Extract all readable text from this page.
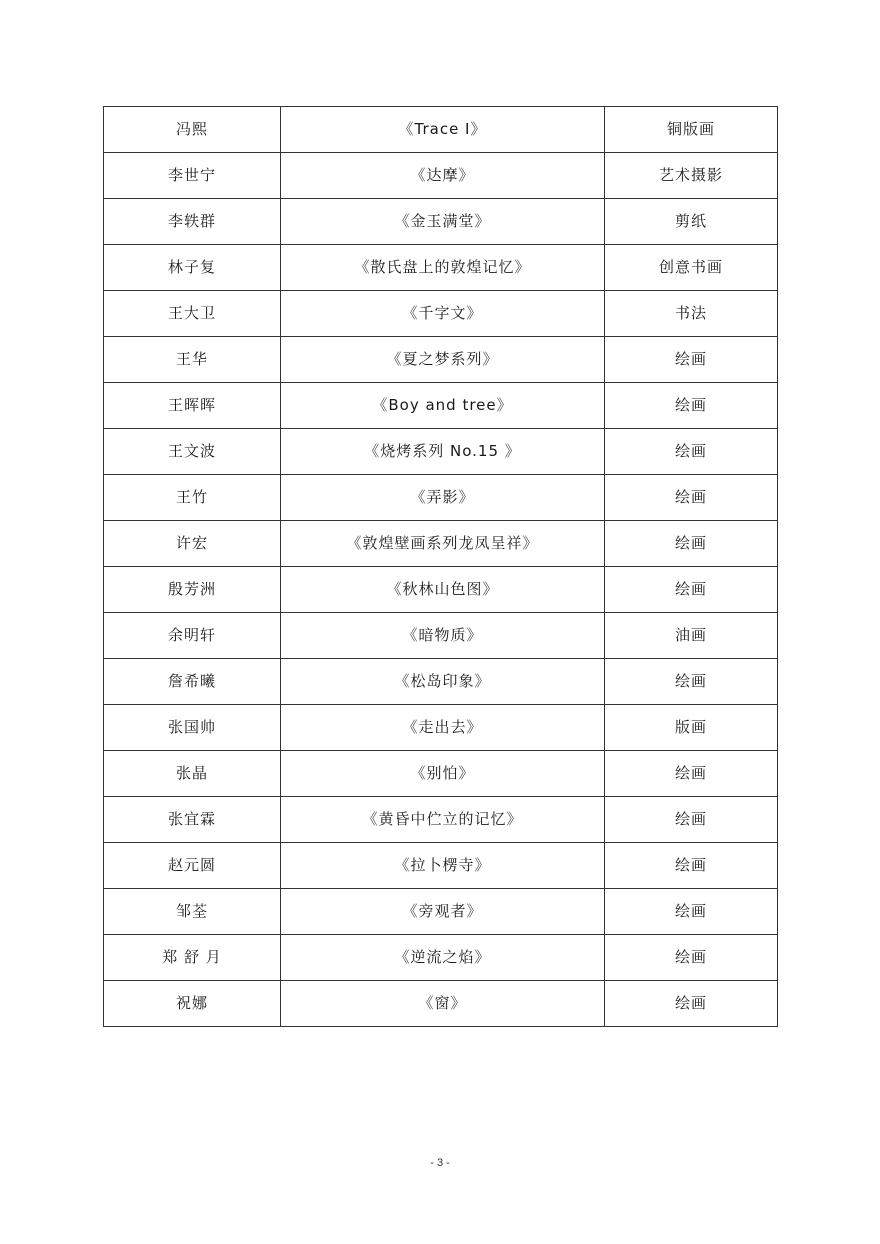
冯熙	《Trace I》	铜版画
李世宁	《达摩》	艺术摄影
李轶群	《金玉满堂》	剪纸
林子复	《散氏盘上的敦煌记忆》	创意书画
王大卫	《千字文》	书法
王华	《夏之梦系列》	绘画
王晖晖	《Boy and tree》	绘画
王文波	《烧烤系列 No.15 》	绘画
王竹	《弄影》	绘画
许宏	《敦煌壁画系列龙凤呈祥》	绘画
殷芳洲	《秋林山色图》	绘画
余明轩	《暗物质》	油画
詹希曦	《松岛印象》	绘画
张国帅	《走出去》	版画
张晶	《别怕》	绘画
张宜霖	《黄昏中伫立的记忆》	绘画
赵元圆	《拉卜楞寺》	绘画
邹荃	《旁观者》	绘画
郑 舒 月	《逆流之焰》	绘画
祝娜	《窗》	绘画
- 3 -
